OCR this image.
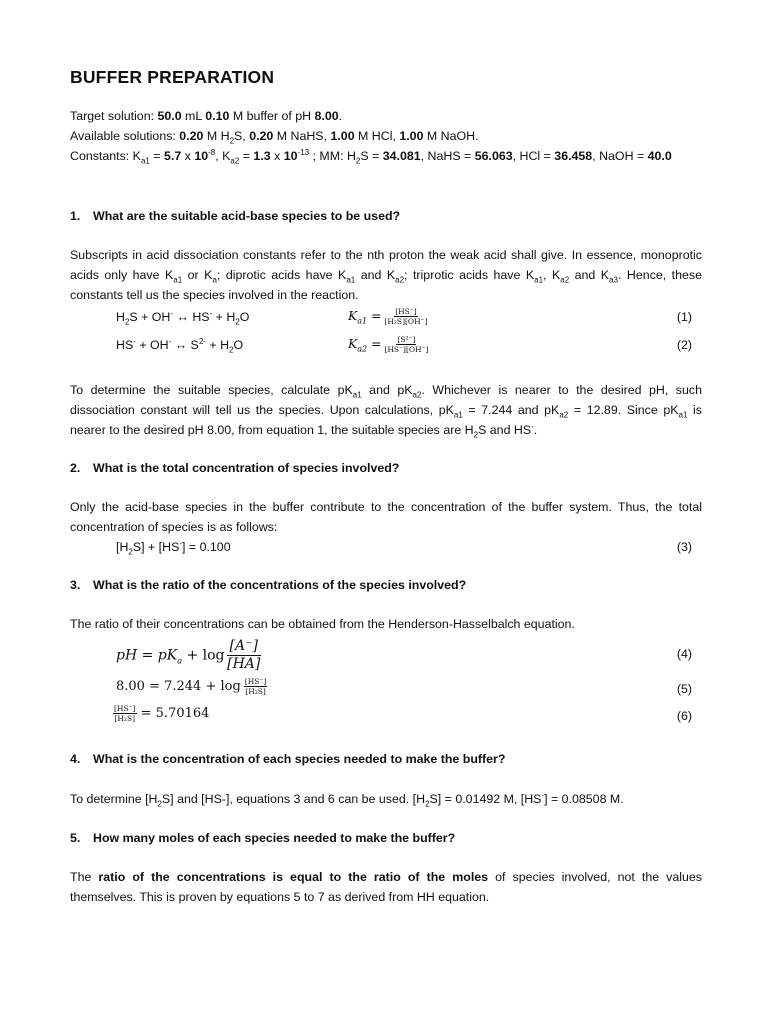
BUFFER PREPARATION
Target solution: 50.0 mL 0.10 M buffer of pH 8.00.
Available solutions: 0.20 M $H_2S$, 0.20 M NaHS, 1.00 M HCl, 1.00 M NaOH.
Constants: $K_{a1} = 5.7$ x $10^{-8}$, $K_{a2} = 1.3$ x $10^{-13}$ ; MM: $H_2S = 34.081$, NaHS = 56.063, HCl = 36.458, NaOH = 40.0
1. What are the suitable acid-base species to be used?
Subscripts in acid dissociation constants refer to the nth proton the weak acid shall give. In essence, monoprotic acids only have $K_{a1}$ or $K_a$; diprotic acids have $K_{a1}$ and $K_{a2}$; triprotic acids have $K_{a1}$, $K_{a2}$ and $K_{a3}$. Hence, these constants tell us the species involved in the reaction.
$H_2S + OH^-$ ↔ $HS^- + H_2O$	$K_{a1} = \frac{[HS^-]}{\text{[H₂S][OH⁻]}}$	(1)
HS- + OH- ↔ $S^{2-} + H_2O$	$K_{a2} = \frac{\text{[S²⁻]}}{[HS^-][OH^-]}$	(2)
To determine the suitable species, calculate $pK_{a1}$ and $pK_{a2}$. Whichever is nearer to the desired pH, such dissociation constant will tell us the species. Upon calculations, $pK_{a1} = 7.244$ and $pK_{a2} = 12.89$. Since $pK_{a1}$ is nearer to the desired pH 8.00, from equation 1, the suitable species are $H_2S$ and HS-.
2. What is the total concentration of species involved?
Only the acid-base species in the buffer contribute to the concentration of the buffer system. Thus, the total concentration of species is as follows:
$[H_2S] + [HS^-] = 0.100$	(3)
3. What is the ratio of the concentrations of the species involved?
The ratio of their concentrations can be obtained from the Henderson-Hasselbalch equation.
pH = $pK_a + \log \frac{[A^-]}{[HA]}$	(4)
$8.00 = 7.244 + \log \frac{[HS^-]}{\text{[H₂S]}}$	(5)
$\frac{[HS^-]}{\text{[H₂S]}} = 5.70164$	(6)
4. What is the concentration of each species needed to make the buffer?
To determine $[H_2S]$ and [HS-], equations 3 and 6 can be used. $[H_2S] = 0.01492$ M, [HS-] = 0.08508 M.
5. How many moles of each species needed to make the buffer?
The ratio of the concentrations is equal to the ratio of the moles of species involved, not the values themselves. This is proven by equations 5 to 7 as derived from HH equation.
